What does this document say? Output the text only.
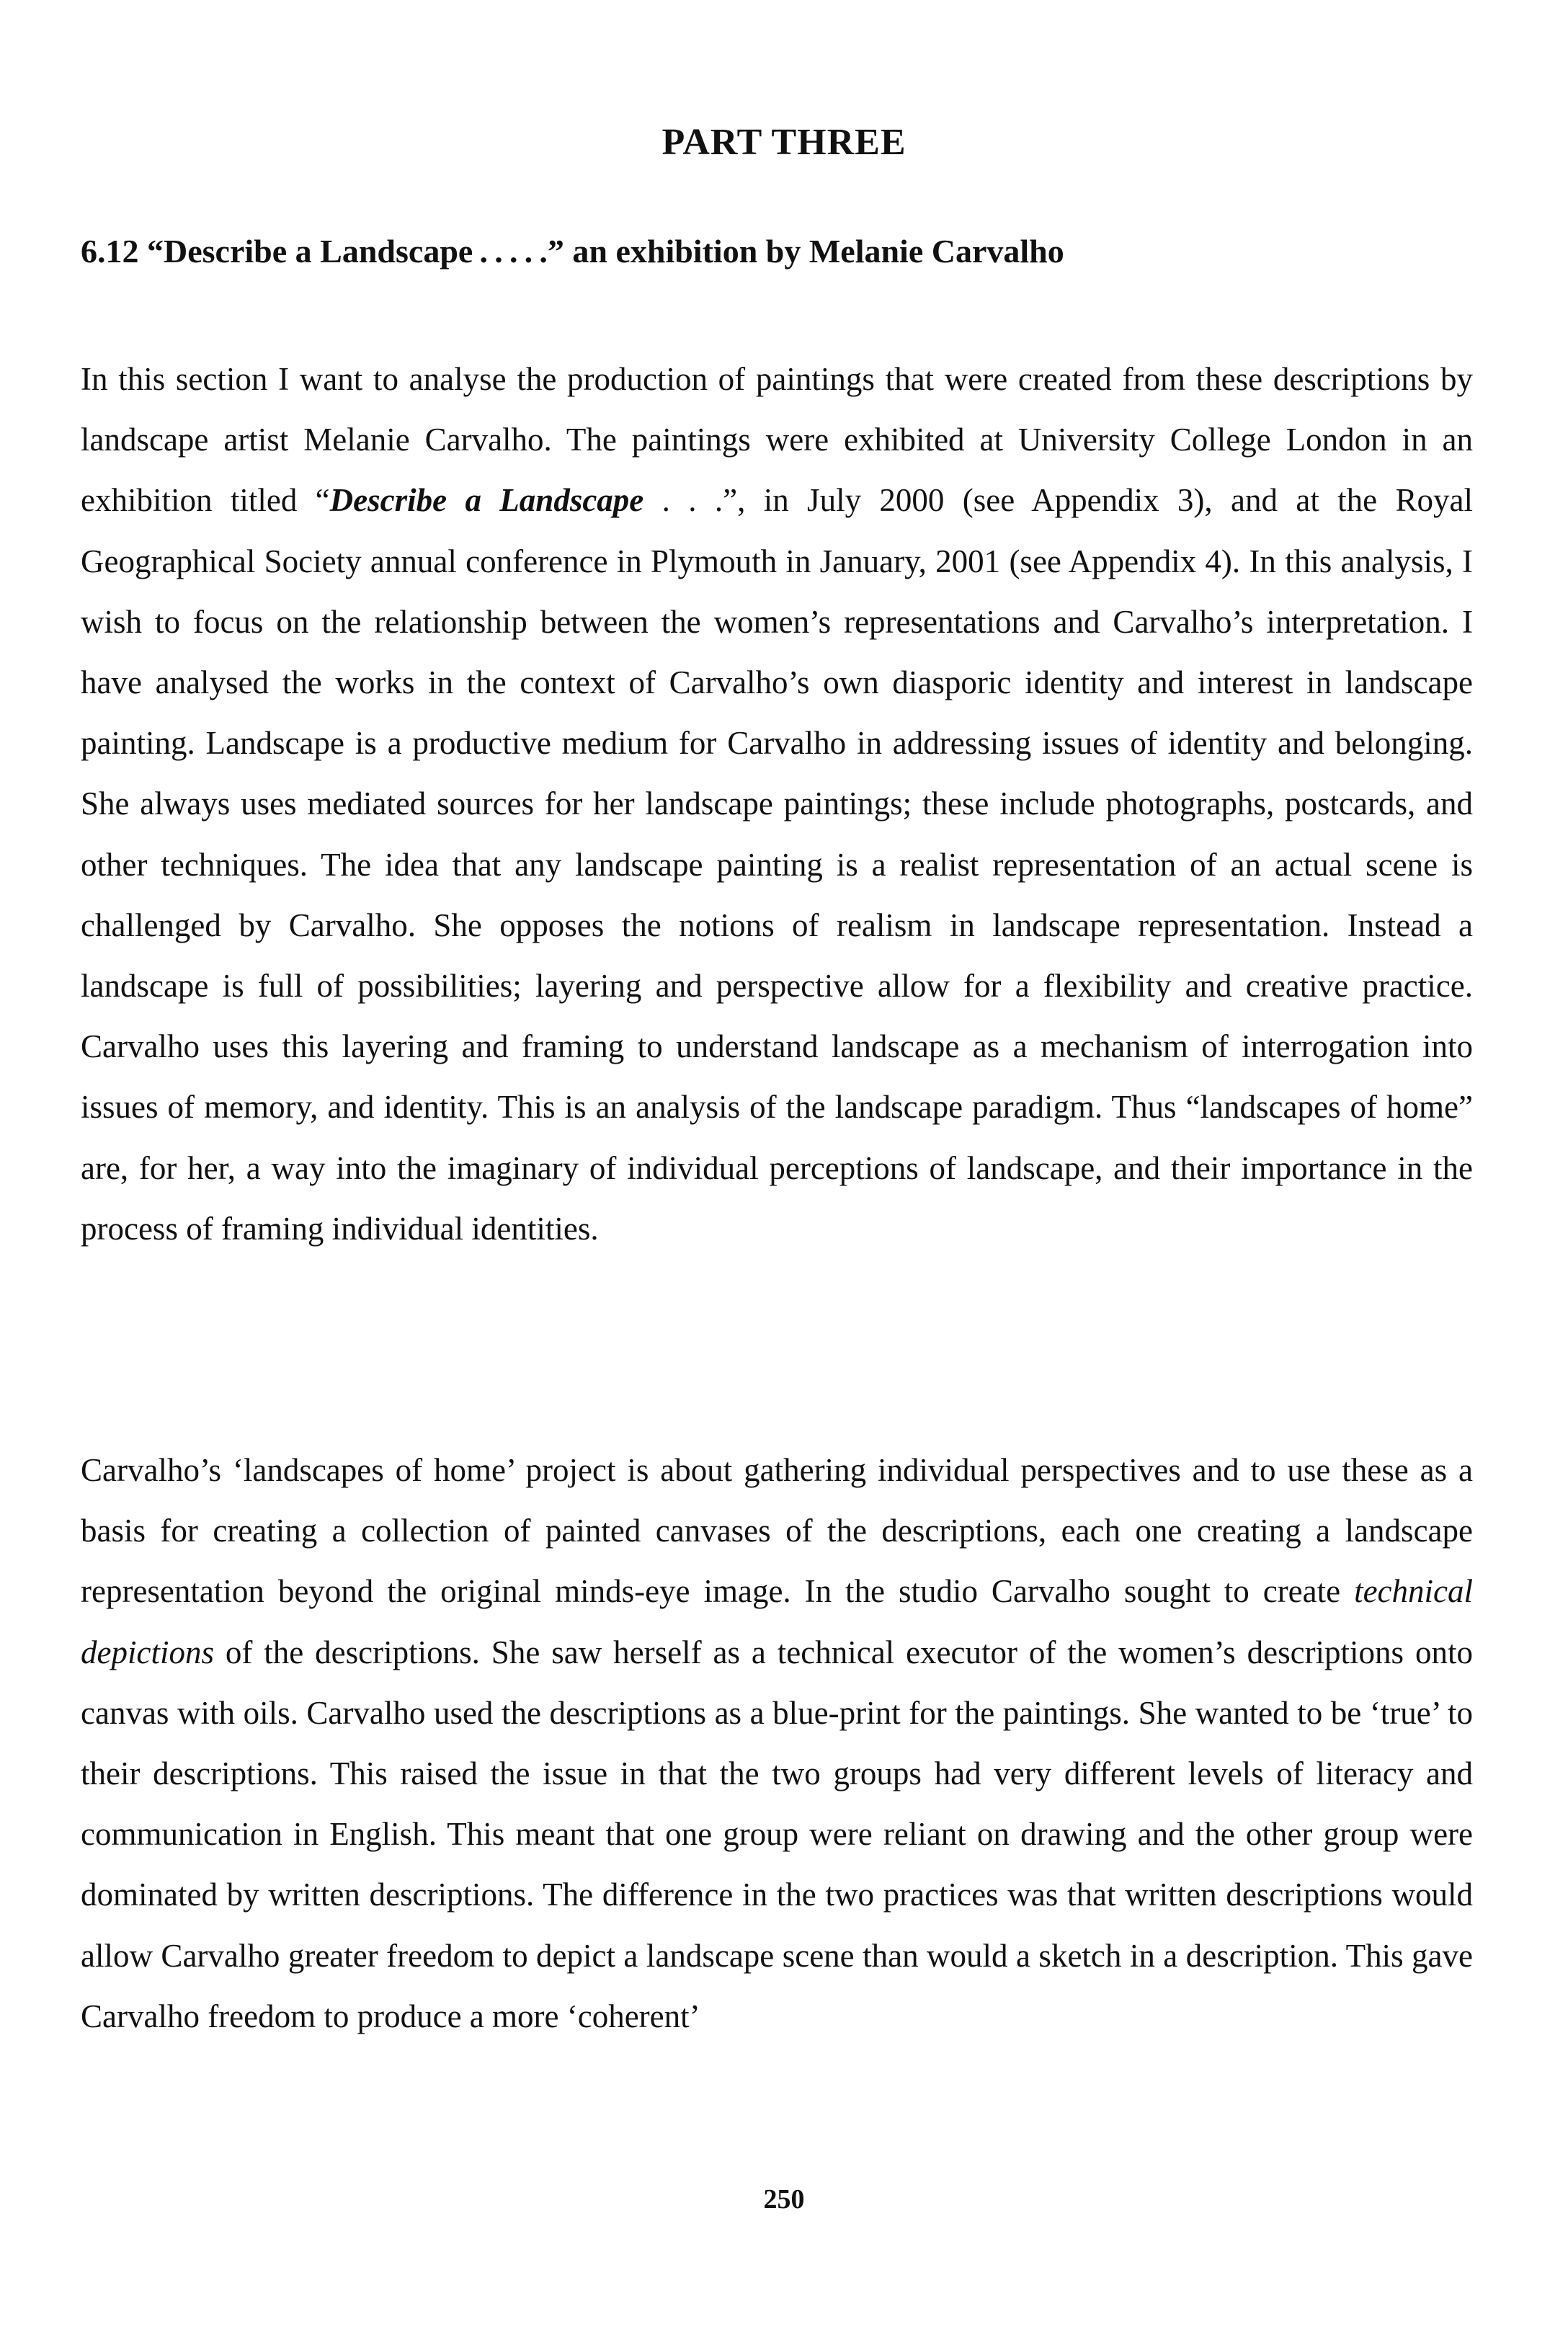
PART THREE
6.12 “Describe a Landscape . . . . .” an exhibition by Melanie Carvalho

In this section I want to analyse the production of paintings that were created from these descriptions by landscape artist Melanie Carvalho. The paintings were exhibited at University College London in an exhibition titled “Describe a Landscape . . .”, in July 2000 (see Appendix 3), and at the Royal Geographical Society annual conference in Plymouth in January, 2001 (see Appendix 4). In this analysis, I wish to focus on the relationship between the women’s representations and Carvalho’s interpretation. I have analysed the works in the context of Carvalho’s own diasporic identity and interest in landscape painting. Landscape is a productive medium for Carvalho in addressing issues of identity and belonging. She always uses mediated sources for her landscape paintings; these include photographs, postcards, and other techniques. The idea that any landscape painting is a realist representation of an actual scene is challenged by Carvalho. She opposes the notions of realism in landscape representation. Instead a landscape is full of possibilities; layering and perspective allow for a flexibility and creative practice. Carvalho uses this layering and framing to understand landscape as a mechanism of interrogation into issues of memory, and identity. This is an analysis of the landscape paradigm. Thus “landscapes of home” are, for her, a way into the imaginary of individual perceptions of landscape, and their importance in the process of framing individual identities.

Carvalho’s ‘landscapes of home’ project is about gathering individual perspectives and to use these as a basis for creating a collection of painted canvases of the descriptions, each one creating a landscape representation beyond the original minds-eye image. In the studio Carvalho sought to create technical depictions of the descriptions. She saw herself as a technical executor of the women’s descriptions onto canvas with oils. Carvalho used the descriptions as a blue-print for the paintings. She wanted to be ‘true’ to their descriptions. This raised the issue in that the two groups had very different levels of literacy and communication in English. This meant that one group were reliant on drawing and the other group were dominated by written descriptions. The difference in the two practices was that written descriptions would allow Carvalho greater freedom to depict a landscape scene than would a sketch in a description. This gave Carvalho freedom to produce a more ‘coherent’

250
